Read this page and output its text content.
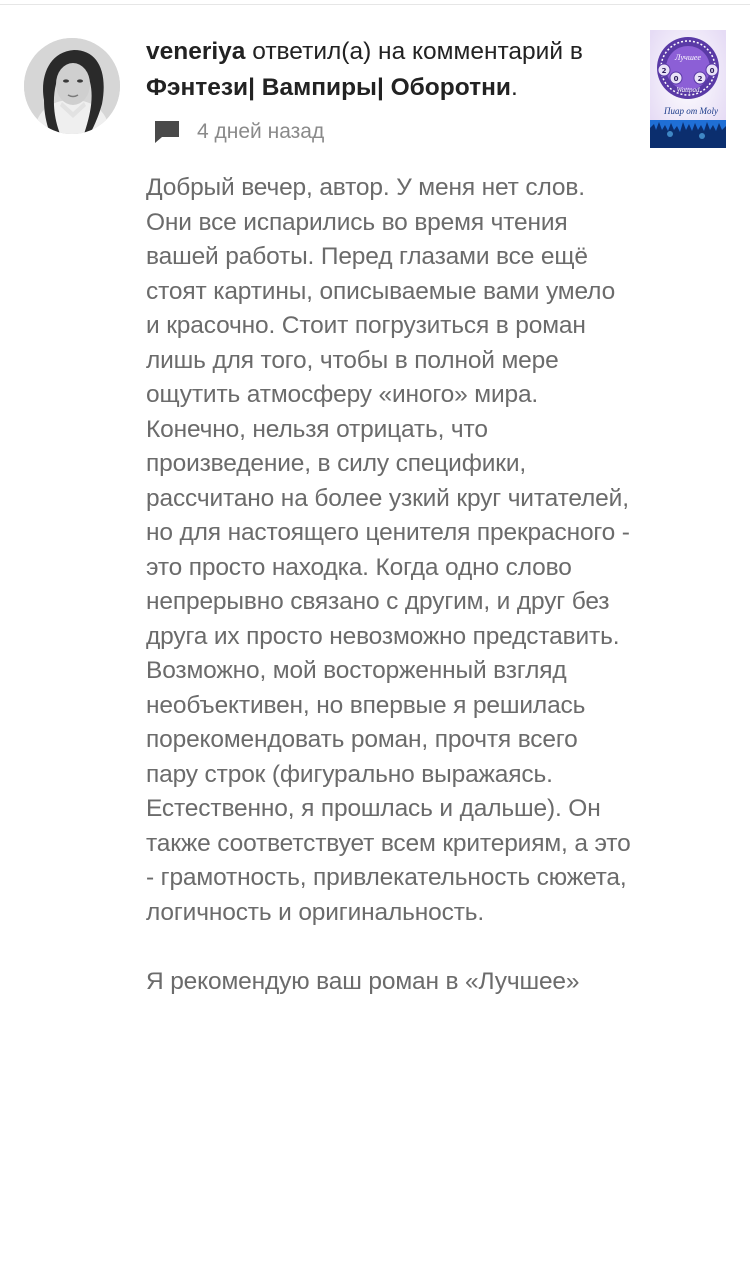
veneriya ответил(а) на комментарий в Фэнтези| Вампиры| Оборотни.
4 дней назад
2
0	2
0
Лучшее
Wattpad
Пиар от Moly

Добрый вечер, автор. У меня нет слов. Они все испарились во время чтения вашей работы. Перед глазами все ещё стоят картины, описываемые вами умело и красочно. Стоит погрузиться в роман лишь для того, чтобы в полной мере ощутить атмосферу «иного» мира. Конечно, нельзя отрицать, что произведение, в силу специфики, рассчитано на более узкий круг читателей, но для настоящего ценителя прекрасного - это просто находка. Когда одно слово непрерывно связано с другим, и друг без друга их просто невозможно представить. Возможно, мой восторженный взгляд необъективен, но впервые я решилась порекомендовать роман, прочтя всего пару строк (фигурально выражаясь. Естественно, я прошлась и дальше). Он также соответствует всем критериям, а это - грамотность, привлекательность сюжета, логичность и оригинальность.

Я рекомендую ваш роман в «Лучшее»
